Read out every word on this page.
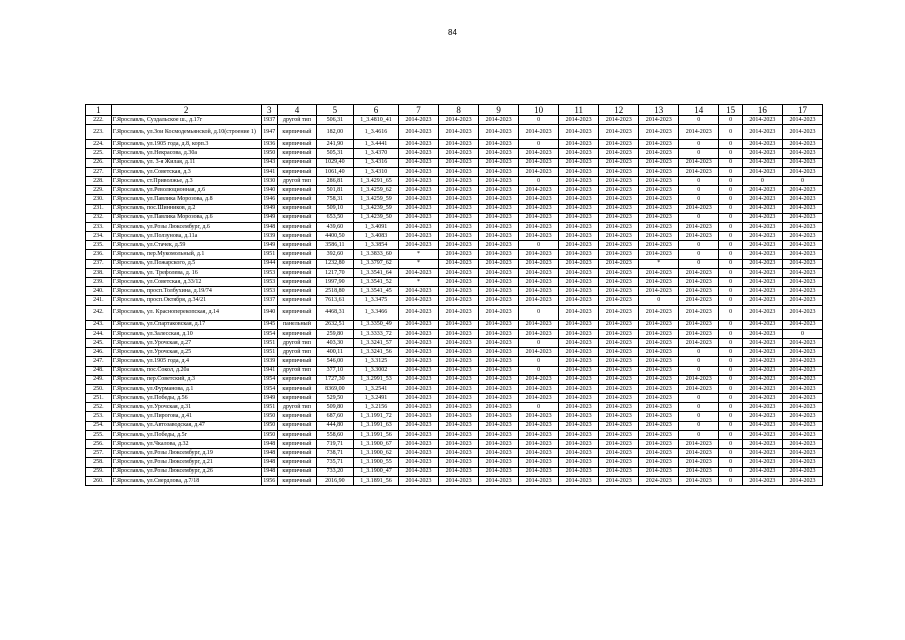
84
1	2	3	4	5	6	7	8	9	10	11	12	13	14	15	16	17
222.	Г.Ярославль, Суздальское ш., д.17г	1937	другой тип	506,31	1_3.4810_41	2014-2023	2014-2023	2014-2023	0	2014-2023	2014-2023	2014-2023	0	0	2014-2023	2014-2023
223.	Г.Ярославль, ул.Зои Космодемьянской, д.10(строение 1)	1947	кирпичный	182,00	1_3.4616	2014-2023	2014-2023	2014-2023	2014-2023	2014-2023	2014-2023	2014-2023	2014-2023	0	2014-2023	2014-2023
224.	Г.Ярославль, ул.1905 года, д.8, корп.3	1936	кирпичный	241,90	1_3.4441	2014-2023	2014-2023	2014-2023	0	2014-2023	2014-2023	2014-2023	0	0	2014-2023	2014-2023
225.	Г.Ярославль, ул.Некрасова, д.30а	1950	кирпичный	505,31	1_3.4370	2014-2023	2014-2023	2014-2023	2014-2023	2014-2023	2014-2023	2014-2023	0	0	2014-2023	2014-2023
226.	Г.Ярославль, ул. 3-я Жилая, д.11	1943	кирпичный	1029,40	1_3.4316	2014-2023	2014-2023	2014-2023	2014-2023	2014-2023	2014-2023	2014-2023	2014-2023	0	2014-2023	2014-2023
227.	Г.Ярославль, ул.Советская, д.3	1941	кирпичный	1061,40	1_3.4310	2014-2023	2014-2023	2014-2023	2014-2023	2014-2023	2014-2023	2014-2023	2014-2023	0	2014-2023	2014-2023
228.	Г.Ярославль, ст.Приволжье, д.3	1930	другой тип	286,81	1_3.4291_65	2014-2023	2014-2023	2014-2023	0	2014-2023	2014-2023	2014-2023	0	0	0	0
229.	Г.Ярославль, ул.Революционная, д.6	1940	кирпичный	501,81	1_3.4259_62	2014-2023	2014-2023	2014-2023	2014-2023	2014-2023	2014-2023	2014-2023	0	0	2014-2023	2014-2023
230.	Г.Ярославль, ул.Павлика Морозова, д.8	1946	кирпичный	758,31	1_3.4259_59	2014-2023	2014-2023	2014-2023	2014-2023	2014-2023	2014-2023	2014-2023	0	0	2014-2023	2014-2023
231.	Г.Ярославль, пос.Шинников, д.2	1949	кирпичный	509,10	1_3.4239_59	2014-2023	2014-2023	2014-2023	2014-2023	2014-2023	2014-2023	2014-2023	2014-2023	0	2014-2023	2014-2023
232.	Г.Ярославль, ул.Павлика Морозова, д.6	1949	кирпичный	653,50	1_3.4239_50	2014-2023	2014-2023	2014-2023	2014-2023	2014-2023	2014-2023	2014-2023	0	0	2014-2023	2014-2023
233.	Г.Ярославль, ул.Розы Люксембург, д.6	1948	кирпичный	439,60	1_3.4091	2014-2023	2014-2023	2014-2023	2014-2023	2014-2023	2014-2023	2014-2023	2014-2023	0	2014-2023	2014-2023
234.	Г.Ярославль, ул.Ползунова, д.11а	1939	кирпичный	4400,50	1_3.4083	2014-2023	2014-2023	2014-2023	2014-2023	2014-2023	2014-2023	2014-2023	2014-2023	0	2014-2023	2014-2023
235.	Г.Ярославль, ул.Стачек, д.59	1949	кирпичный	3586,11	1_3.3854	2014-2023	2014-2023	2014-2023	0	2014-2023	2014-2023	2014-2023	0	0	2014-2023	2014-2023
236.	Г.Ярославль, пер.Мукомольный, д.1	1951	кирпичный	392,60	1_3.3833_60	*	2014-2023	2014-2023	2014-2023	2014-2023	2014-2023	2014-2023	0	0	2014-2023	2014-2023
237.	Г.Ярославль, ул.Пожарского, д.5	1944	кирпичный	1232,80	1_3.3797_62	*	2014-2023	2014-2023	2014-2023	2014-2023	2014-2023	*	0	0	2014-2023	2014-2023
238.	Г.Ярославль, ул. Трефолева, д. 16	1953	кирпичный	1217,70	1_3.3541_64	2014-2023	2014-2023	2014-2023	2014-2023	2014-2023	2014-2023	2014-2023	2014-2023	0	2014-2023	2014-2023
239.	Г.Ярославль, ул.Советская, д.33/12	1953	кирпичный	1997,90	1_3.3541_52	*	2014-2023	2014-2023	2014-2023	2014-2023	2014-2023	2014-2023	2014-2023	0	2014-2023	2014-2023
240.	Г.Ярославль, просп.Толбухина, д.19/74	1953	кирпичный	2518,80	1_3.3541_45	2014-2023	2014-2023	2014-2023	2014-2023	2014-2023	2014-2023	2014-2023	2014-2023	0	2014-2023	2014-2023
241.	Г.Ярославль, просп.Октября, д.34/21	1937	кирпичный	7613,61	1_3.3475	2014-2023	2014-2023	2014-2023	2014-2023	2014-2023	2014-2023	0	2014-2023	0	2014-2023	2014-2023
242.	Г.Ярославль, ул. Красноперекопская, д.14	1940	кирпичный	4468,31	1_3.3466	2014-2023	2014-2023	2014-2023	0	2014-2023	2014-2023	2014-2023	2014-2023	0	2014-2023	2014-2023
243.	Г.Ярославль, ул.Спартаковская, д.17	1945	панельный	2632,51	1_3.3350_49	2014-2023	2014-2023	2014-2023	2014-2023	2014-2023	2014-2023	2014-2023	2014-2023	0	2014-2023	2014-2023
244.	Г.Ярославль, ул.Залесская, д.10	1954	кирпичный	259,80	1_3.3333_72	2014-2023	2014-2023	2014-2023	2014-2023	2014-2023	2014-2023	2014-2023	2014-2023	0	2014-2023	0
245.	Г.Ярославль, ул.Урочская, д.27	1951	другой тип	403,30	1_3.3241_57	2014-2023	2014-2023	2014-2023	0	2014-2023	2014-2023	2014-2023	2014-2023	0	2014-2023	2014-2023
246.	Г.Ярославль, ул.Урочская, д.25	1951	другой тип	400,11	1_3.3241_56	2014-2023	2014-2023	2014-2023	2014-2023	2014-2023	2014-2023	2014-2023	0	0	2014-2023	2014-2023
247.	Г.Ярославль, ул.1905 года, д.4	1939	кирпичный	546,00	1_3.3125	2014-2023	2014-2023	2014-2023	0	2014-2023	2014-2023	2014-2023	0	0	2014-2023	2014-2023
248.	Г.Ярославль, пос.Сокол, д.20а	1941	другой тип	377,10	1_3.3002	2014-2023	2014-2023	2014-2023	0	2014-2023	2014-2023	2014-2023	0	0	2014-2023	2014-2023
249.	Г.Ярославль, пер.Советский, д.3	1954	кирпичный	1727,30	1_3.2991_53	2014-2023	2014-2023	2014-2023	2014-2023	2014-2023	2014-2023	2014-2023	2014-2023	0	2014-2023	2014-2023
250.	Г.Ярославль, ул.Фурманова, д.1	1954	кирпичный	8369,00	1_3.2541	2014-2023	2014-2023	2014-2023	2014-2023	2014-2023	2014-2023	2014-2023	2014-2023	0	2014-2023	2014-2023
251.	Г.Ярославль, ул.Победы, д.56	1949	кирпичный	529,50	1_3.2491	2014-2023	2014-2023	2014-2023	2014-2023	2014-2023	2014-2023	2014-2023	0	0	2014-2023	2014-2023
252.	Г.Ярославль, ул.Урочская, д.31	1951	другой тип	509,80	1_3.2156	2014-2023	2014-2023	2014-2023	0	2014-2023	2014-2023	2014-2023	0	0	2014-2023	2014-2023
253.	Г.Ярославль, ул.Пирогова, д.41	1950	кирпичный	687,60	1_3.1991_72	2014-2023	2014-2023	2014-2023	2014-2023	2014-2023	2014-2023	2014-2023	0	0	2014-2023	2014-2023
254.	Г.Ярославль, ул.Автозаводская, д.47	1950	кирпичный	444,80	1_3.1991_63	2014-2023	2014-2023	2014-2023	2014-2023	2014-2023	2014-2023	2014-2023	0	0	2014-2023	2014-2023
255.	Г.Ярославль, ул.Победы, д.5г	1950	кирпичный	558,60	1_3.1991_56	2014-2023	2014-2023	2014-2023	2014-2023	2014-2023	2014-2023	2014-2023	0	0	2014-2023	2014-2023
256.	Г.Ярославль, ул.Чкалова, д.32	1948	кирпичный	719,71	1_3.1900_67	2014-2023	2014-2023	2014-2023	2014-2023	2014-2023	2014-2023	2014-2023	2014-2023	0	2014-2023	2014-2023
257.	Г.Ярославль, ул.Розы Люксембург, д.19	1948	кирпичный	738,71	1_3.1900_62	2014-2023	2014-2023	2014-2023	2014-2023	2014-2023	2014-2023	2014-2023	2014-2023	0	2014-2023	2014-2023
258.	Г.Ярославль, ул.Розы Люксембург, д.21	1948	кирпичный	735,71	1_3.1900_55	2014-2023	2014-2023	2014-2023	2014-2023	2014-2023	2014-2023	2014-2023	2014-2023	0	2014-2023	2014-2023
259.	Г.Ярославль, ул.Розы Люксембург, д.26	1948	кирпичный	733,20	1_3.1900_47	2014-2023	2014-2023	2014-2023	2014-2023	2014-2023	2014-2023	2014-2023	2014-2023	0	2014-2023	2014-2023
260.	Г.Ярославль, ул.Свердлова, д.7/18	1956	кирпичный	2016,90	1_3.1891_56	2014-2023	2014-2023	2014-2023	2014-2023	2014-2023	2014-2023	2024-2023	2014-2023	0	2014-2023	2014-2023
